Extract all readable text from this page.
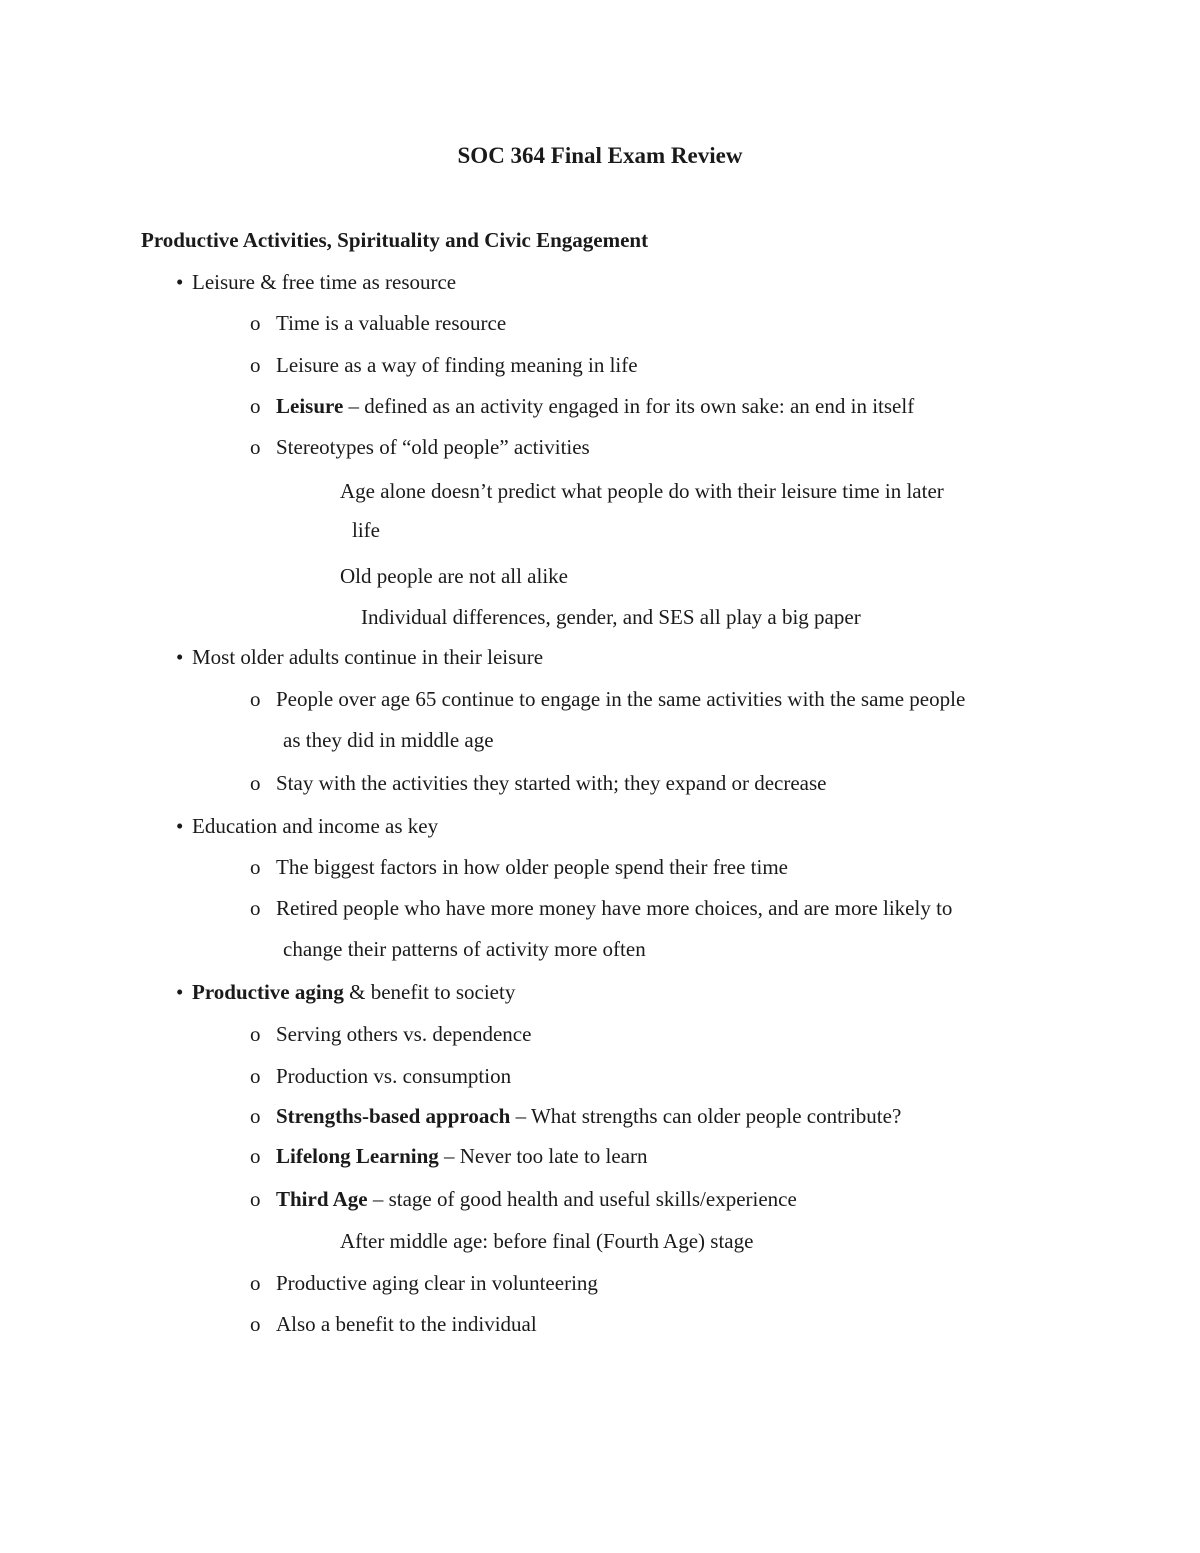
SOC 364 Final Exam Review
Productive Activities, Spirituality and Civic Engagement
• Leisure & free time as resource
o Time is a valuable resource
o Leisure as a way of finding meaning in life
o Leisure – defined as an activity engaged in for its own sake: an end in itself
o Stereotypes of “old people” activities
Age alone doesn’t predict what people do with their leisure time in later
life
Old people are not all alike
Individual differences, gender, and SES all play a big paper
• Most older adults continue in their leisure
o People over age 65 continue to engage in the same activities with the same people
as they did in middle age
o Stay with the activities they started with; they expand or decrease
• Education and income as key
o The biggest factors in how older people spend their free time
o Retired people who have more money have more choices, and are more likely to
change their patterns of activity more often
• Productive aging & benefit to society
o Serving others vs. dependence
o Production vs. consumption
o Strengths-based approach – What strengths can older people contribute?
o Lifelong Learning – Never too late to learn
o Third Age – stage of good health and useful skills/experience
After middle age: before final (Fourth Age) stage
o Productive aging clear in volunteering
o Also a benefit to the individual
